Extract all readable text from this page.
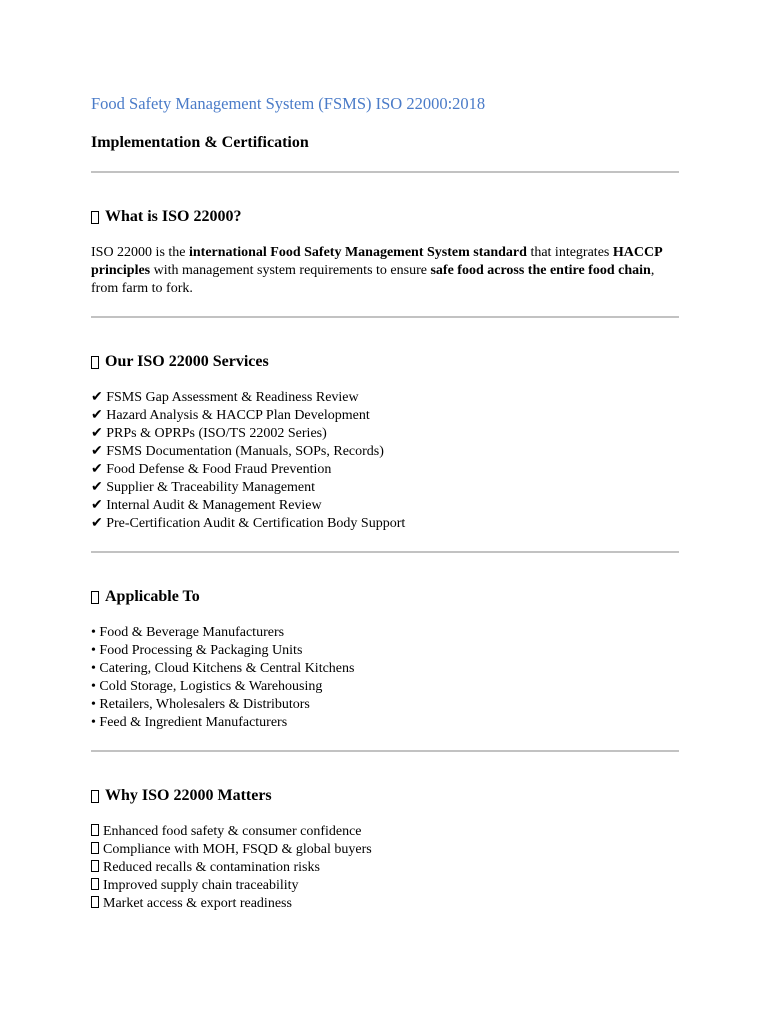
Food Safety Management System (FSMS) ISO 22000:2018
Implementation & Certification
What is ISO 22000?

ISO 22000 is the international Food Safety Management System standard that integrates HACCP principles with management system requirements to ensure safe food across the entire food chain, from farm to fork.

Our ISO 22000 Services
✔ FSMS Gap Assessment & Readiness Review
✔ Hazard Analysis & HACCP Plan Development
✔ PRPs & OPRPs (ISO/TS 22002 Series)
✔ FSMS Documentation (Manuals, SOPs, Records)
✔ Food Defense & Food Fraud Prevention
✔ Supplier & Traceability Management
✔ Internal Audit & Management Review
✔ Pre-Certification Audit & Certification Body Support
Applicable To
• Food & Beverage Manufacturers
• Food Processing & Packaging Units
• Catering, Cloud Kitchens & Central Kitchens
• Cold Storage, Logistics & Warehousing
• Retailers, Wholesalers & Distributors
• Feed & Ingredient Manufacturers
Why ISO 22000 Matters
Enhanced food safety & consumer confidence
Compliance with MOH, FSQD & global buyers
Reduced recalls & contamination risks
Improved supply chain traceability
Market access & export readiness
